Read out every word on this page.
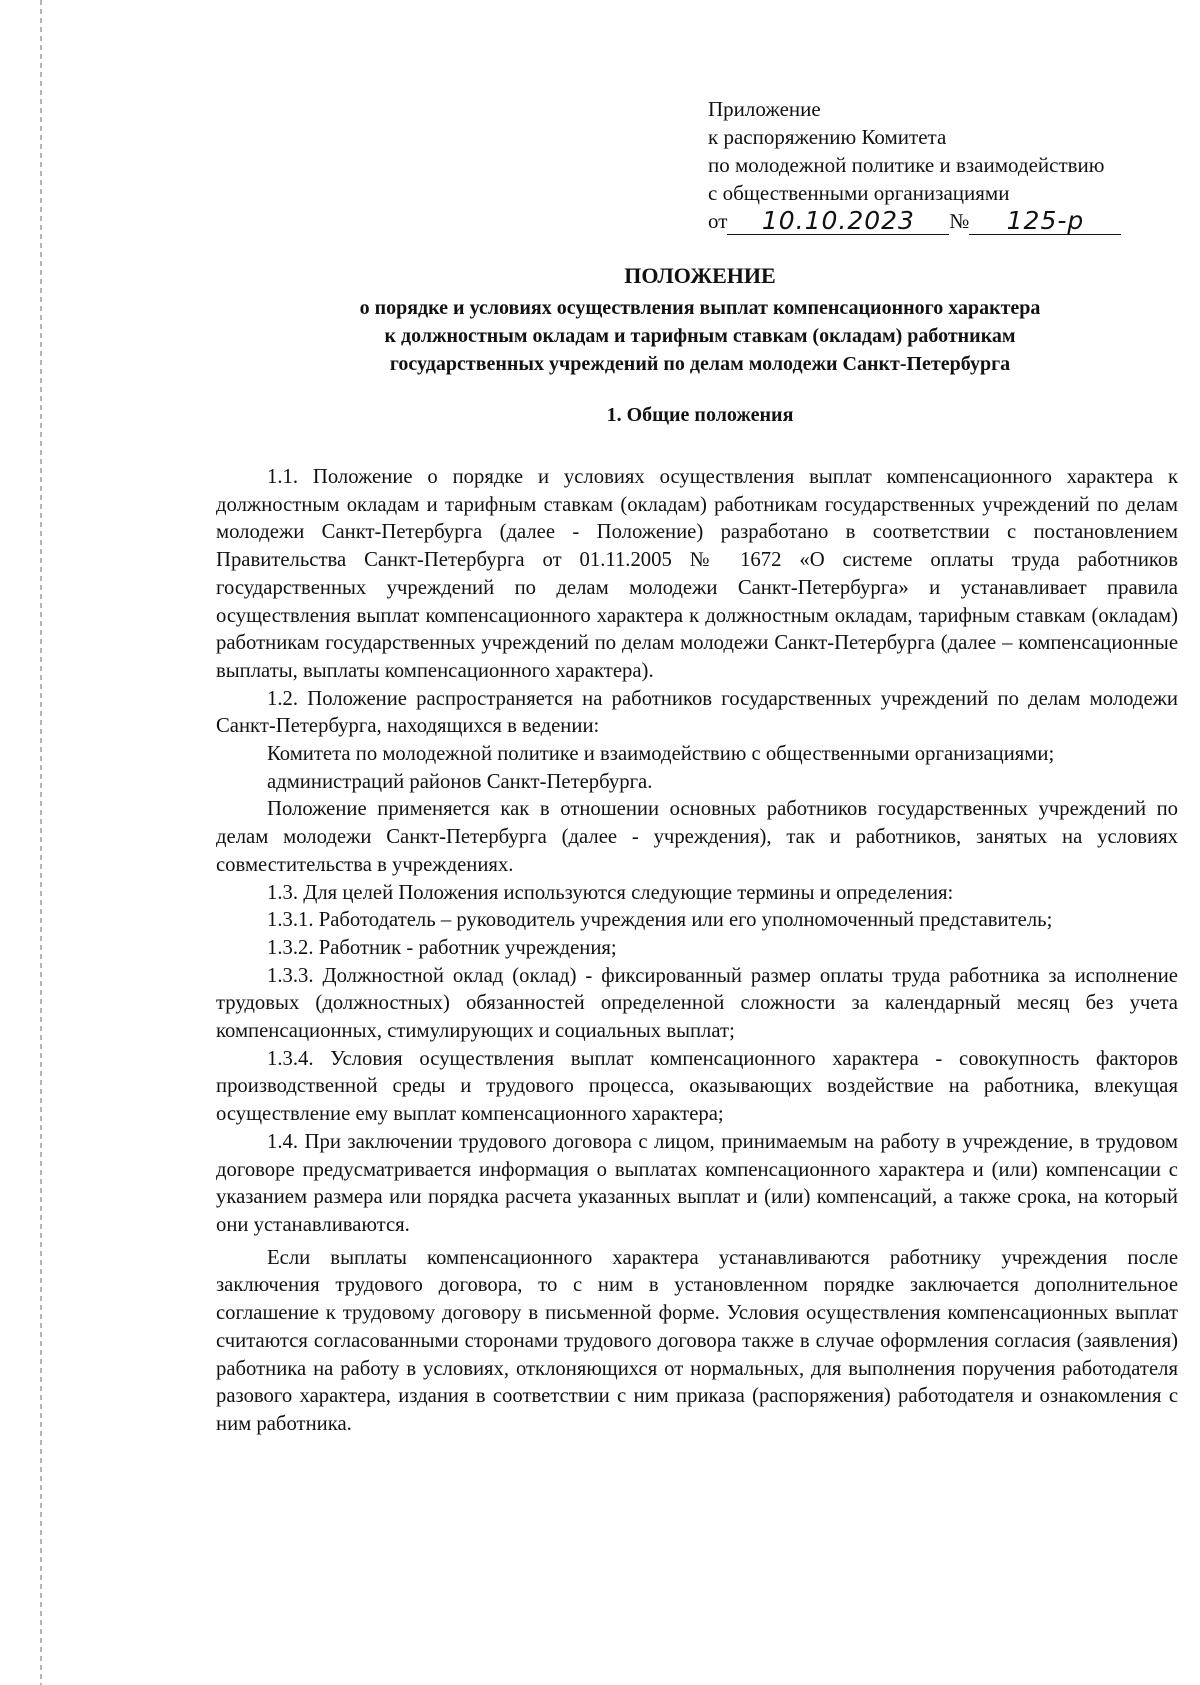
Приложение
к распоряжению Комитета
по молодежной политике и взаимодействию
с общественными организациями
от	10.10.2023	№	125-р
ПОЛОЖЕНИЕ
о порядке и условиях осуществления выплат компенсационного характера
к должностным окладам и тарифным ставкам (окладам) работникам
государственных учреждений по делам молодежи Санкт-Петербурга
1. Общие положения

1.1. Положение о порядке и условиях осуществления выплат компенсационного характера к должностным окладам и тарифным ставкам (окладам) работникам государственных учреждений по делам молодежи Санкт-Петербурга (далее - Положение) разработано в соответствии с постановлением Правительства Санкт-Петербурга от 01.11.2005 № 1672 «О системе оплаты труда работников государственных учреждений по делам молодежи Санкт-Петербурга» и устанавливает правила осуществления выплат компенсационного характера к должностным окладам, тарифным ставкам (окладам) работникам государственных учреждений по делам молодежи Санкт-Петербурга (далее – компенсационные выплаты, выплаты компенсационного характера).

1.2. Положение распространяется на работников государственных учреждений по делам молодежи Санкт-Петербурга, находящихся в ведении:

Комитета по молодежной политике и взаимодействию с общественными организациями;

администраций районов Санкт-Петербурга.

Положение применяется как в отношении основных работников государственных учреждений по делам молодежи Санкт-Петербурга (далее - учреждения), так и работников, занятых на условиях совместительства в учреждениях.

1.3. Для целей Положения используются следующие термины и определения:

1.3.1. Работодатель – руководитель учреждения или его уполномоченный представитель;

1.3.2. Работник - работник учреждения;

1.3.3. Должностной оклад (оклад) - фиксированный размер оплаты труда работника за исполнение трудовых (должностных) обязанностей определенной сложности за календарный месяц без учета компенсационных, стимулирующих и социальных выплат;

1.3.4. Условия осуществления выплат компенсационного характера - совокупность факторов производственной среды и трудового процесса, оказывающих воздействие на работника, влекущая осуществление ему выплат компенсационного характера;

1.4. При заключении трудового договора с лицом, принимаемым на работу в учреждение, в трудовом договоре предусматривается информация о выплатах компенсационного характера и (или) компенсации с указанием размера или порядка расчета указанных выплат и (или) компенсаций, а также срока, на который они устанавливаются.

Если выплаты компенсационного характера устанавливаются работнику учреждения после заключения трудового договора, то с ним в установленном порядке заключается дополнительное соглашение к трудовому договору в письменной форме. Условия осуществления компенсационных выплат считаются согласованными сторонами трудового договора также в случае оформления согласия (заявления) работника на работу в условиях, отклоняющихся от нормальных, для выполнения поручения работодателя разового характера, издания в соответствии с ним приказа (распоряжения) работодателя и ознакомления с ним работника.
